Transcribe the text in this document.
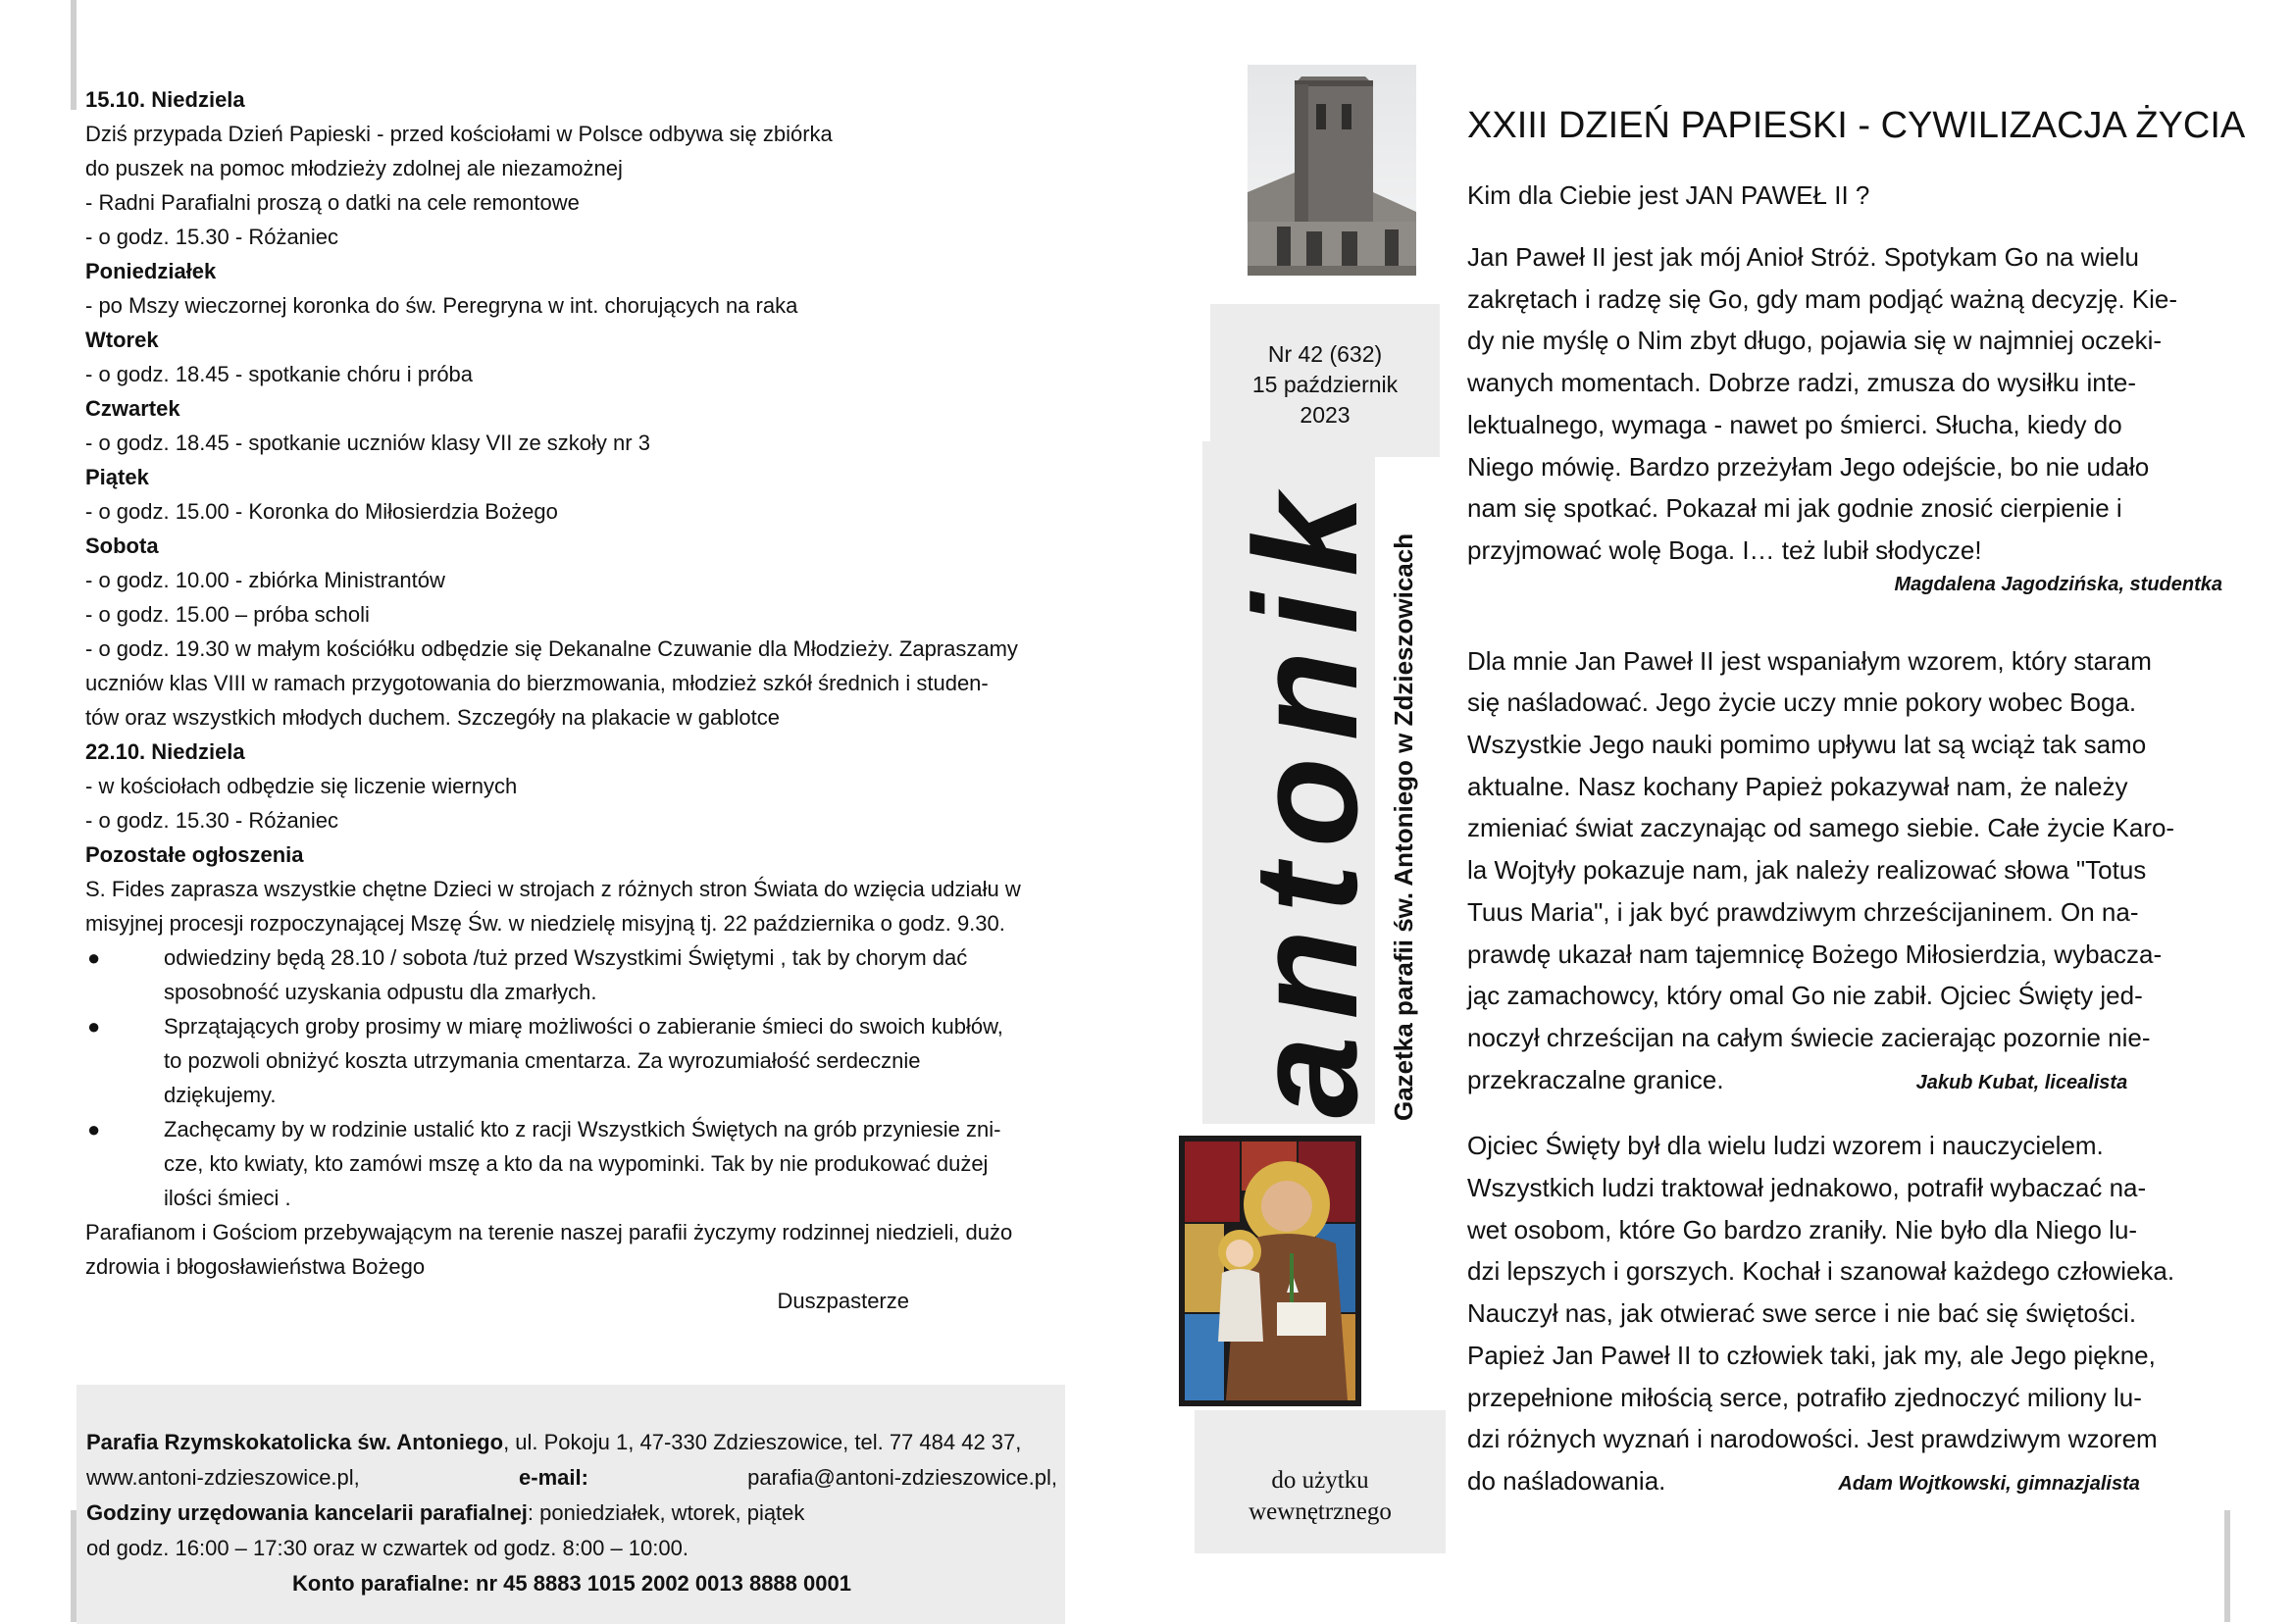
15.10. Niedziela
Dziś przypada Dzień Papieski - przed kościołami w Polsce odbywa się zbiórka
do puszek na pomoc młodzieży zdolnej ale niezamożnej
- Radni Parafialni proszą o datki na cele remontowe
- o godz. 15.30 - Różaniec
Poniedziałek
- po Mszy wieczornej koronka do św. Peregryna w int. chorujących na raka
Wtorek
- o godz. 18.45 - spotkanie chóru i próba
Czwartek
- o godz. 18.45 - spotkanie uczniów klasy VII ze szkoły nr 3
Piątek
- o godz. 15.00 - Koronka do Miłosierdzia Bożego
Sobota
- o godz. 10.00 - zbiórka Ministrantów
- o godz. 15.00 – próba scholi
- o godz. 19.30 w małym kościółku odbędzie się Dekanalne Czuwanie dla Młodzieży. Zapraszamy
uczniów klas VIII w ramach przygotowania do bierzmowania, młodzież szkół średnich i studen-
tów oraz wszystkich młodych duchem. Szczegóły na plakacie w gablotce
22.10. Niedziela
- w kościołach odbędzie się liczenie wiernych
- o godz. 15.30 - Różaniec
Pozostałe ogłoszenia
S. Fides zaprasza wszystkie chętne Dzieci w strojach z różnych stron Świata do wzięcia udziału w
misyjnej procesji rozpoczynającej Mszę Św. w niedzielę misyjną tj. 22 października o godz. 9.30.
●	odwiedziny będą 28.10 / sobota /tuż przed Wszystkimi Świętymi , tak by chorym dać
sposobność uzyskania odpustu dla zmarłych.
●	Sprzątających groby prosimy w miarę możliwości o zabieranie śmieci do swoich kubłów,
to pozwoli obniżyć koszta utrzymania cmentarza. Za wyrozumiałość serdecznie
dziękujemy.
●	Zachęcamy by w rodzinie ustalić kto z racji Wszystkich Świętych na grób przyniesie zni-
cze, kto kwiaty, kto zamówi mszę a kto da na wypominki. Tak by nie produkować dużej
ilości śmieci .
Parafianom i Gościom przebywającym na terenie naszej parafii życzymy rodzinnej niedzieli, dużo
zdrowia i błogosławieństwa Bożego
Duszpasterze
Parafia Rzymskokatolicka św. Antoniego, ul. Pokoju 1, 47-330 Zdzieszowice, tel. 77 484 42 37,
www.antoni-zdzieszowice.pl,	e-mail:	parafia@antoni-zdzieszowice.pl,
Godziny urzędowania kancelarii parafialnej: poniedziałek, wtorek, piątek
od godz. 16:00 – 17:30 oraz w czwartek od godz. 8:00 – 10:00.
Konto parafialne: nr 45 8883 1015 2002 0013 8888 0001
Nr 42 (632)
15 październik
2023
antonik Gazetka parafii św. Antoniego w Zdzieszowicach
do użytku
wewnętrznego
XXIII DZIEŃ PAPIESKI - CYWILIZACJA ŻYCIA
Kim dla Ciebie jest JAN PAWEŁ II ?
Jan Paweł II jest jak mój Anioł Stróż. Spotykam Go na wielu
zakrętach i radzę się Go, gdy mam podjąć ważną decyzję. Kie-
dy nie myślę o Nim zbyt długo, pojawia się w najmniej oczeki-
wanych momentach. Dobrze radzi, zmusza do wysiłku inte-
lektualnego, wymaga - nawet po śmierci. Słucha, kiedy do
Niego mówię. Bardzo przeżyłam Jego odejście, bo nie udało
nam się spotkać. Pokazał mi jak godnie znosić cierpienie i
przyjmować wolę Boga. I… też lubił słodycze!
Magdalena Jagodzińska, studentka
Dla mnie Jan Paweł II jest wspaniałym wzorem, który staram
się naśladować. Jego życie uczy mnie pokory wobec Boga.
Wszystkie Jego nauki pomimo upływu lat są wciąż tak samo
aktualne. Nasz kochany Papież pokazywał nam, że należy
zmieniać świat zaczynając od samego siebie. Całe życie Karo-
la Wojtyły pokazuje nam, jak należy realizować słowa "Totus
Tuus Maria", i jak być prawdziwym chrześcijaninem. On na-
prawdę ukazał nam tajemnicę Bożego Miłosierdzia, wybacza-
jąc zamachowcy, który omal Go nie zabił. Ojciec Święty jed-
noczył chrześcijan na całym świecie zacierając pozornie nie-
przekraczalne granice.	Jakub Kubat, licealista
Ojciec Święty był dla wielu ludzi wzorem i nauczycielem.
Wszystkich ludzi traktował jednakowo, potrafił wybaczać na-
wet osobom, które Go bardzo zraniły. Nie było dla Niego lu-
dzi lepszych i gorszych. Kochał i szanował każdego człowieka.
Nauczył nas, jak otwierać swe serce i nie bać się świętości.
Papież Jan Paweł II to człowiek taki, jak my, ale Jego piękne,
przepełnione miłością serce, potrafiło zjednoczyć miliony lu-
dzi różnych wyznań i narodowości. Jest prawdziwym wzorem
do naśladowania.	Adam Wojtkowski, gimnazjalista
